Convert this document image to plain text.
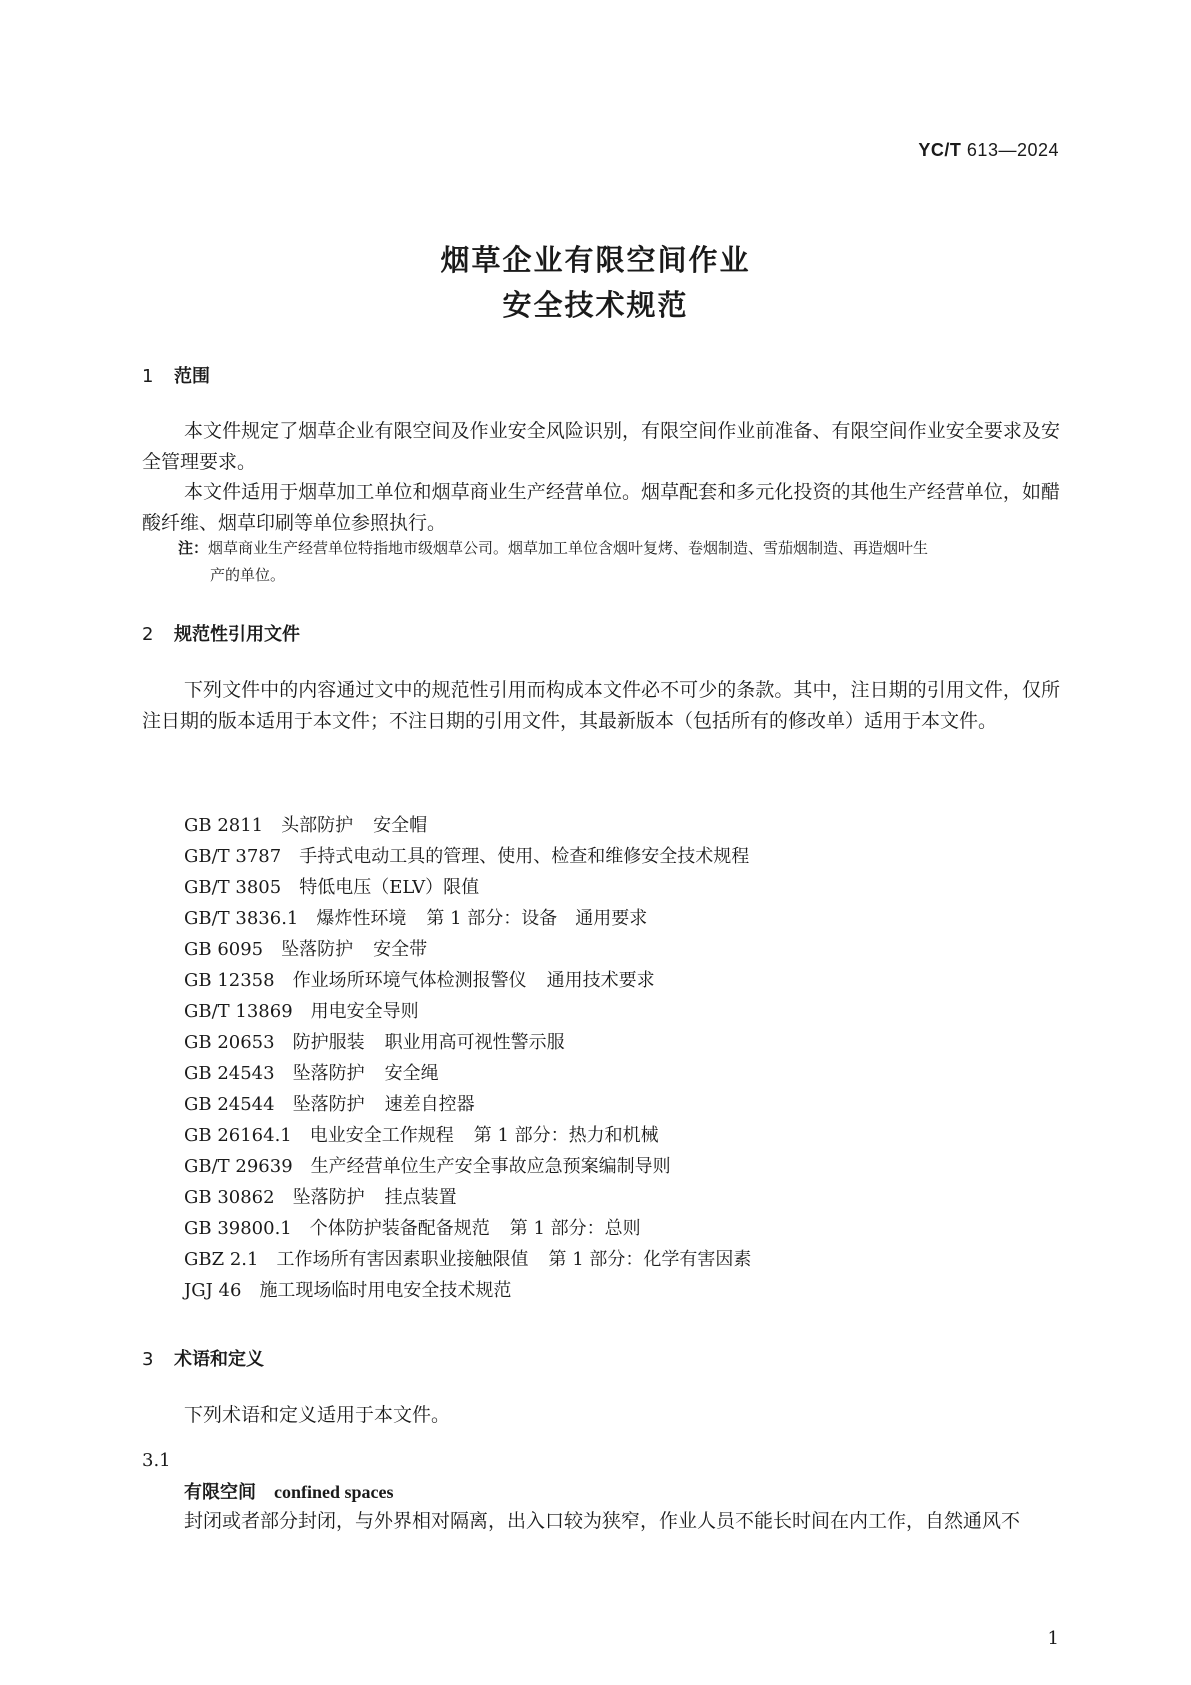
YC/T 613—2024
烟草企业有限空间作业
安全技术规范
1 范围

本文件规定了烟草企业有限空间及作业安全风险识别，有限空间作业前准备、有限空间作业安全要求及安全管理要求。

本文件适用于烟草加工单位和烟草商业生产经营单位。烟草配套和多元化投资的其他生产经营单位，如醋酸纤维、烟草印刷等单位参照执行。

注：烟草商业生产经营单位特指地市级烟草公司。烟草加工单位含烟叶复烤、卷烟制造、雪茄烟制造、再造烟叶生
产的单位。
2 规范性引用文件

下列文件中的内容通过文中的规范性引用而构成本文件必不可少的条款。其中，注日期的引用文件，仅所注日期的版本适用于本文件；不注日期的引用文件，其最新版本（包括所有的修改单）适用于本文件。

GB 2811 头部防护 安全帽
GB/T 3787 手持式电动工具的管理、使用、检查和维修安全技术规程
GB/T 3805 特低电压（ELV）限值
GB/T 3836.1 爆炸性环境 第 1 部分：设备　通用要求
GB 6095 坠落防护 安全带
GB 12358 作业场所环境气体检测报警仪 通用技术要求
GB/T 13869 用电安全导则
GB 20653 防护服装 职业用高可视性警示服
GB 24543 坠落防护 安全绳
GB 24544 坠落防护 速差自控器
GB 26164.1 电业安全工作规程 第 1 部分：热力和机械
GB/T 29639 生产经营单位生产安全事故应急预案编制导则
GB 30862 坠落防护 挂点装置
GB 39800.1 个体防护装备配备规范 第 1 部分：总则
GBZ 2.1 工作场所有害因素职业接触限值 第 1 部分：化学有害因素
JGJ 46 施工现场临时用电安全技术规范
3 术语和定义

下列术语和定义适用于本文件。

3.1
有限空间 confined spaces

封闭或者部分封闭，与外界相对隔离，出入口较为狭窄，作业人员不能长时间在内工作，自然通风不

1
